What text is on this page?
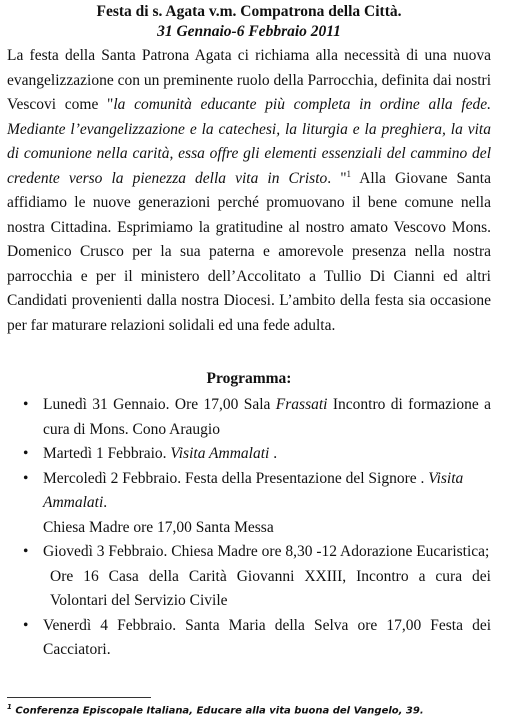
Festa di s. Agata v.m. Compatrona della Città.

31 Gennaio-6 Febbraio 2011

La festa della Santa Patrona Agata ci richiama alla necessità di una nuova evangelizzazione con un preminente ruolo della Parrocchia, definita dai nostri Vescovi come "la comunità educante più completa in ordine alla fede. Mediante l’evangelizzazione e la catechesi, la liturgia e la preghiera, la vita di comunione nella carità, essa offre gli elementi essenziali del cammino del credente verso la pienezza della vita in Cristo. "$^1$ Alla Giovane Santa affidiamo le nuove generazioni perché promuovano il bene comune nella nostra Cittadina. Esprimiamo la gratitudine al nostro amato Vescovo Mons. Domenico Crusco per la sua paterna e amorevole presenza nella nostra parrocchia e per il ministero dell’Accolitato a Tullio Di Cianni ed altri Candidati provenienti dalla nostra Diocesi. L’ambito della festa sia occasione per far maturare relazioni solidali ed una fede adulta.

Programma:

• Lunedì 31 Gennaio. Ore 17,00 Sala Frassati Incontro di formazione a cura di Mons. Cono Araugio
• Martedì 1 Febbraio. Visita Ammalati .
• Mercoledì 2 Febbraio. Festa della Presentazione del Signore . Visita Ammalati.

Chiesa Madre ore 17,00 Santa Messa

• Giovedì 3 Febbraio. Chiesa Madre ore 8,30 -12 Adorazione Eucaristica;

Ore 16 Casa della Carità Giovanni XXIII, Incontro a cura dei Volontari del Servizio Civile

• Venerdì 4 Febbraio. Santa Maria della Selva ore 17,00 Festa dei Cacciatori.
$^1$ Conferenza Episcopale Italiana, Educare alla vita buona del Vangelo, 39.
